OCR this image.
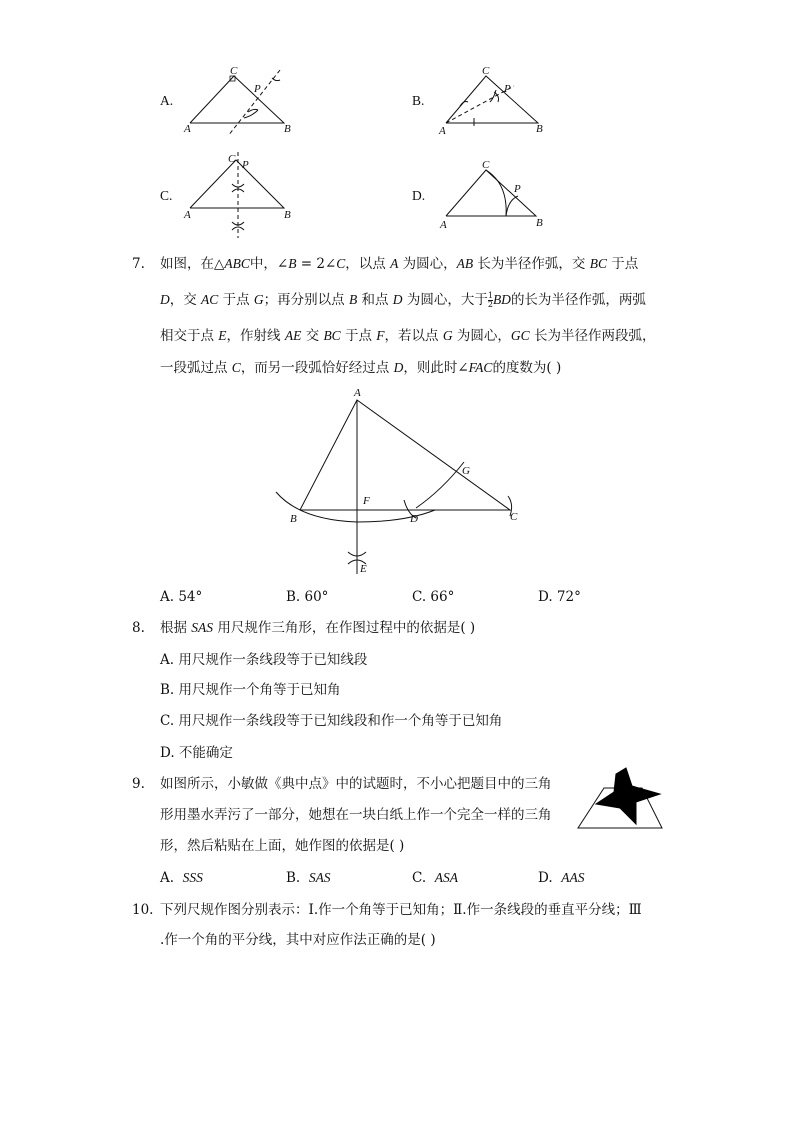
A.
C
P
A	B
B.
C
P
A	B
C.
C P
A	B
D.
C
P
A	B
7. 如图，在△ABC中，∠B = 2∠C，以点 A 为圆心，AB 长为半径作弧，交 BC 于点
D，交 AC 于点 G；再分别以点 B 和点 D 为圆心，大于 $\frac{1}{2}$ BD的长为半径作弧，两弧
相交于点 E，作射线 AE 交 BC 于点 F，若以点 G 为圆心，GC 长为半径作两段弧，
一段弧过点 C，而另一段弧恰好经过点 D，则此时∠FAC的度数为( )
A
B	C
D
F
G
E
A. 54°	B. 60°	C. 66°	D. 72°
8. 根据 SAS 用尺规作三角形，在作图过程中的依据是( )
A. 用尺规作一条线段等于已知线段
B. 用尺规作一个角等于已知角
C. 用尺规作一条线段等于已知线段和作一个角等于已知角
D. 不能确定
9. 如图所示，小敏做《典中点》中的试题时，不小心把题目中的三角
形用墨水弄污了一部分，她想在一块白纸上作一个完全一样的三角
形，然后粘贴在上面，她作图的依据是( )
A. SSS	B. SAS	C. ASA	D. AAS
10. 下列尺规作图分别表示：Ⅰ.作一个角等于已知角；Ⅱ.作一条线段的垂直平分线；Ⅲ
.作一个角的平分线，其中对应作法正确的是( )
